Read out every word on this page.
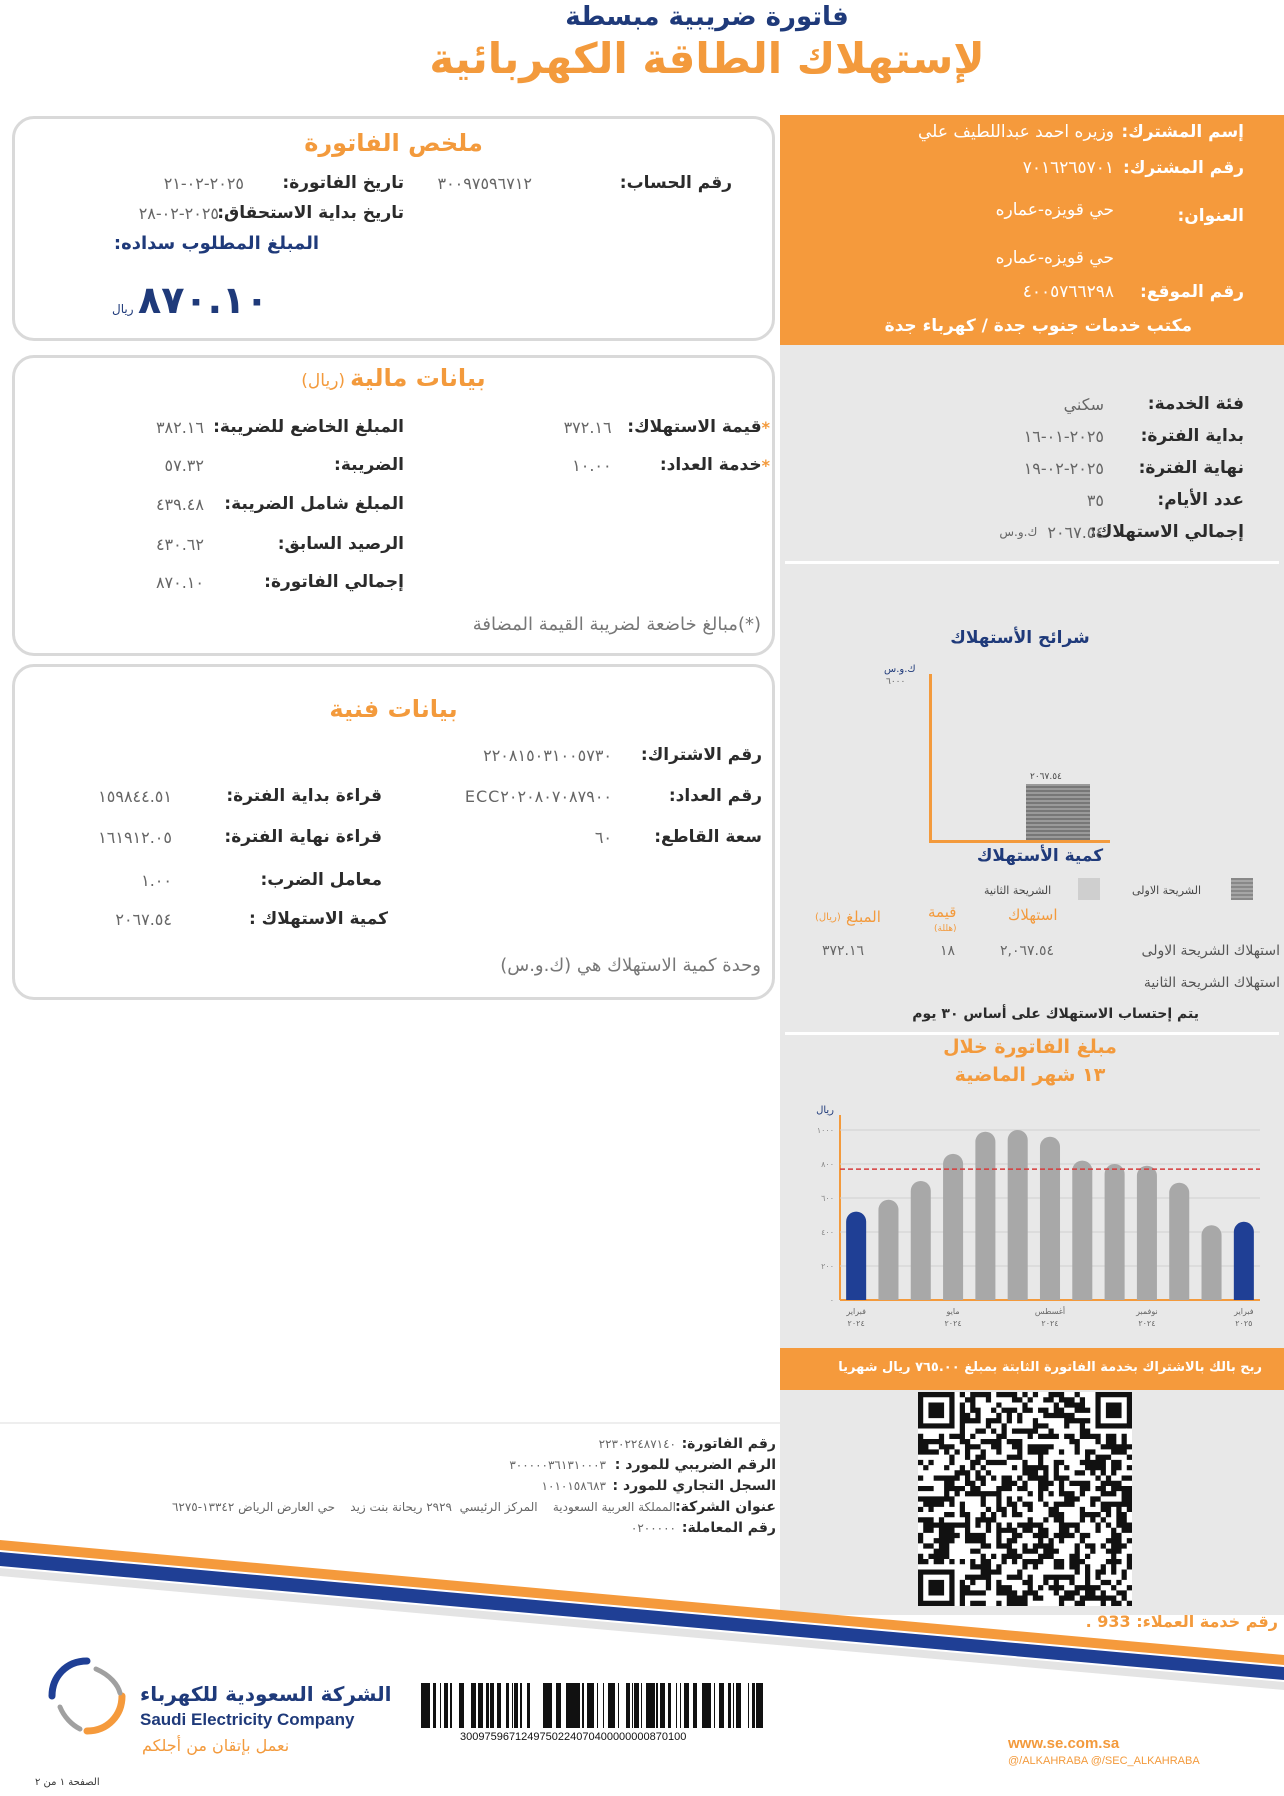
فاتورة ضريبية مبسطة
لإستهلاك الطاقة الكهربائية
إسم المشترك:
وزيره احمد عبداللطيف علي
رقم المشترك:
٧٠١٦٢٦٥٧٠١
العنوان:
حي قويزه-عماره
حي قويزه-عماره
رقم الموقع:
٤٠٠٥٧٦٦٢٩٨
مكتب خدمات جنوب جدة / كهرباء جدة
فئة الخدمة:
سكني
بداية الفترة:
٢٠٢٥-٠١-١٦
نهاية الفترة:
٢٠٢٥-٠٢-١٩
عدد الأيام:
٣٥
إجمالي الاستهلاك:
٢٠٦٧.٥٤
ك.و.س
شرائح الأستهلاك
ك.و.س
٦٠٠٠
٢٠٦٧.٥٤
كمية الأستهلاك
الشريحة الاولى
الشريحة الثانية
استهلاك
قيمة
(هللة)
المبلغ
(ريال)
استهلاك الشريحة الاولى
٢,٠٦٧.٥٤
١٨
٣٧٢.١٦
استهلاك الشريحة الثانية
يتم إحتساب الاستهلاك على أساس ٣٠ يوم
مبلغ الفاتورة خلال
١٣ شهر الماضية
ريال
٠
٢٠٠
٤٠٠
٦٠٠
٨٠٠
١٠٠٠
فبراير
٢٠٢٤
مايو
٢٠٢٤
أغسطس
٢٠٢٤
نوفمبر
٢٠٢٤
فبراير
٢٠٢٥
ربح بالك بالاشتراك بخدمة الفاتورة الثابتة بمبلغ ٧٦٥.٠٠ ريال شهريا
رقم خدمة العملاء: 933 .
ملخص الفاتورة
رقم الحساب:
٣٠٠٩٧٥٩٦٧١٢
تاريخ الفاتورة:
٢٠٢٥-٠٢-٢١
تاريخ بداية الاستحقاق:
٢٠٢٥-٠٢-٢٨
المبلغ المطلوب سداده:
٨٧٠.١٠
ريال
بيانات مالية (ريال)
*
قيمة الاستهلاك:
٣٧٢.١٦
*
خدمة العداد:
١٠.٠٠
المبلغ الخاضع للضريبة:
٣٨٢.١٦
الضريبة:
٥٧.٣٢
المبلغ شامل الضريبة:
٤٣٩.٤٨
الرصيد السابق:
٤٣٠.٦٢
إجمالي الفاتورة:
٨٧٠.١٠
(*)مبالغ خاضعة لضريبة القيمة المضافة
بيانات فنية
رقم الاشتراك:
٢٢٠٨١٥٠٣١٠٠٥٧٣٠
رقم العداد:
ECC٢٠٢٠٨٠٧٠٨٧٩٠٠
سعة القاطع:
٦٠
قراءة بداية الفترة:
١٥٩٨٤٤.٥١
قراءة نهاية الفترة:
١٦١٩١٢.٠٥
معامل الضرب:
١.٠٠
كمية الاستهلاك :
٢٠٦٧.٥٤
وحدة كمية الاستهلاك هي (ك.و.س)
رقم الفاتورة:
٢٢٣٠٢٢٤٨٧١٤٠
الرقم الضريبي للمورد :
٣٠٠٠٠٠٣٦١٣١٠٠٠٣
السجل التجاري للمورد :
١٠١٠١٥٨٦٨٣
عنوان الشركة:
المملكة العربية السعودية    المركز الرئيسي  ٢٩٢٩ ريحانة بنت زيد    حي العارض الرياض ١٣٣٤٢-٦٢٧٥
رقم المعاملة:
٠٢٠٠٠٠٠
الشركة السعودية للكهرباء
Saudi Electricity Company
نعمل بإتقان من أجلكم
الصفحة ١ من ٢
3009759671249750224070400000000870100	www.se.com.sa
@/ALKAHRABA @/SEC_ALKAHRABA
